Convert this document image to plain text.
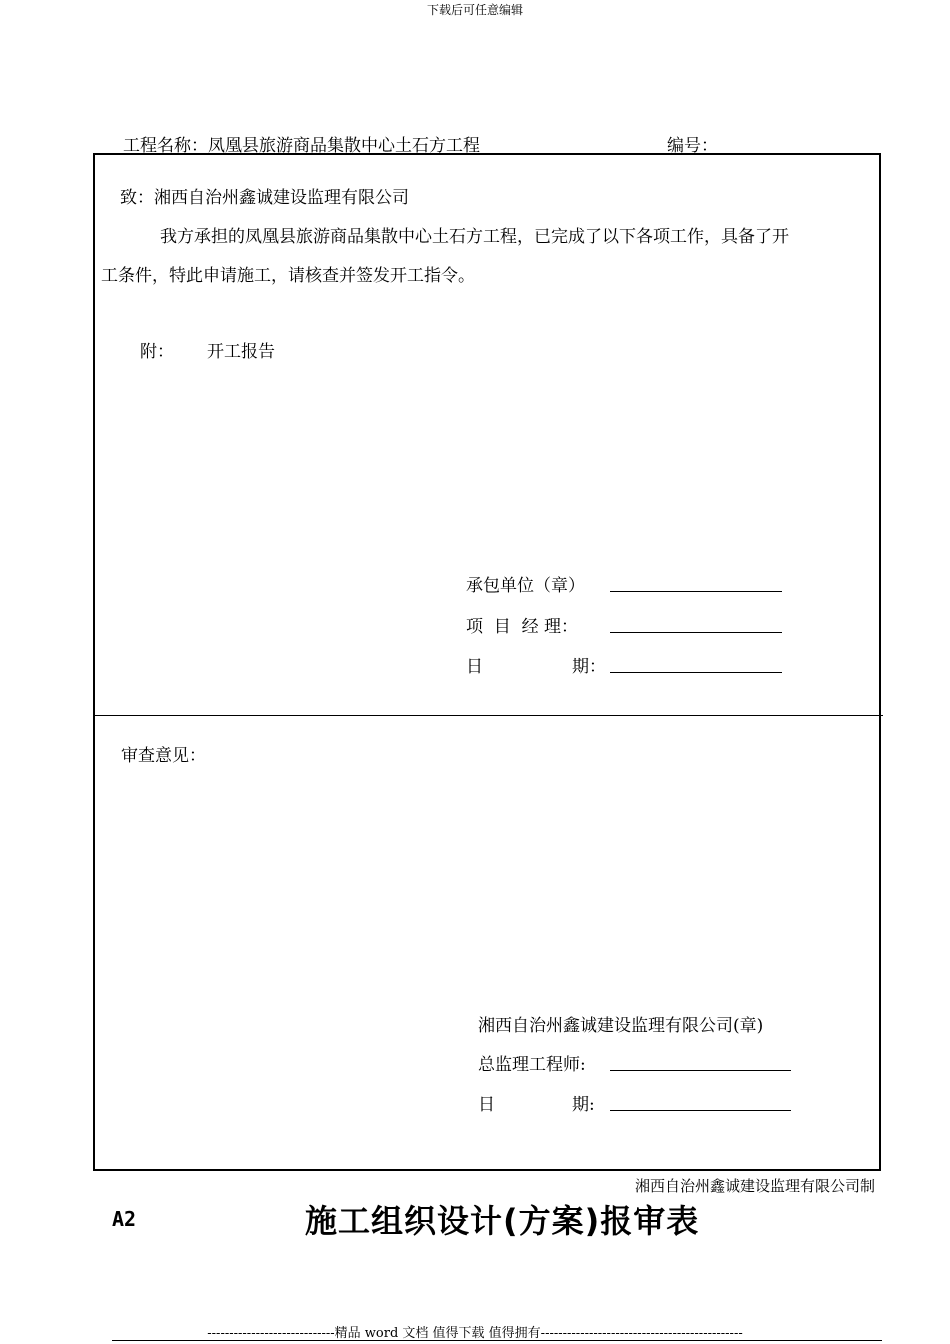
下载后可任意编辑
工程名称：凤凰县旅游商品集散中心土石方工程	编号：
致：湘西自治州鑫诚建设监理有限公司
我方承担的凤凰县旅游商品集散中心土石方工程，已完成了以下各项工作，具备了开
工条件，特此申请施工，请核查并签发开工指令。
附： 开工报告
承包单位（章）
项  目  经 理：
日	期：
审查意见：
湘西自治州鑫诚建设监理有限公司(章)
总监理工程师:
日	期:
湘西自治州鑫诚建设监理有限公司制
A2	施工组织设计(方案)报审表
-----------------------------精品 word 文档 值得下载 值得拥有----------------------------------------------
